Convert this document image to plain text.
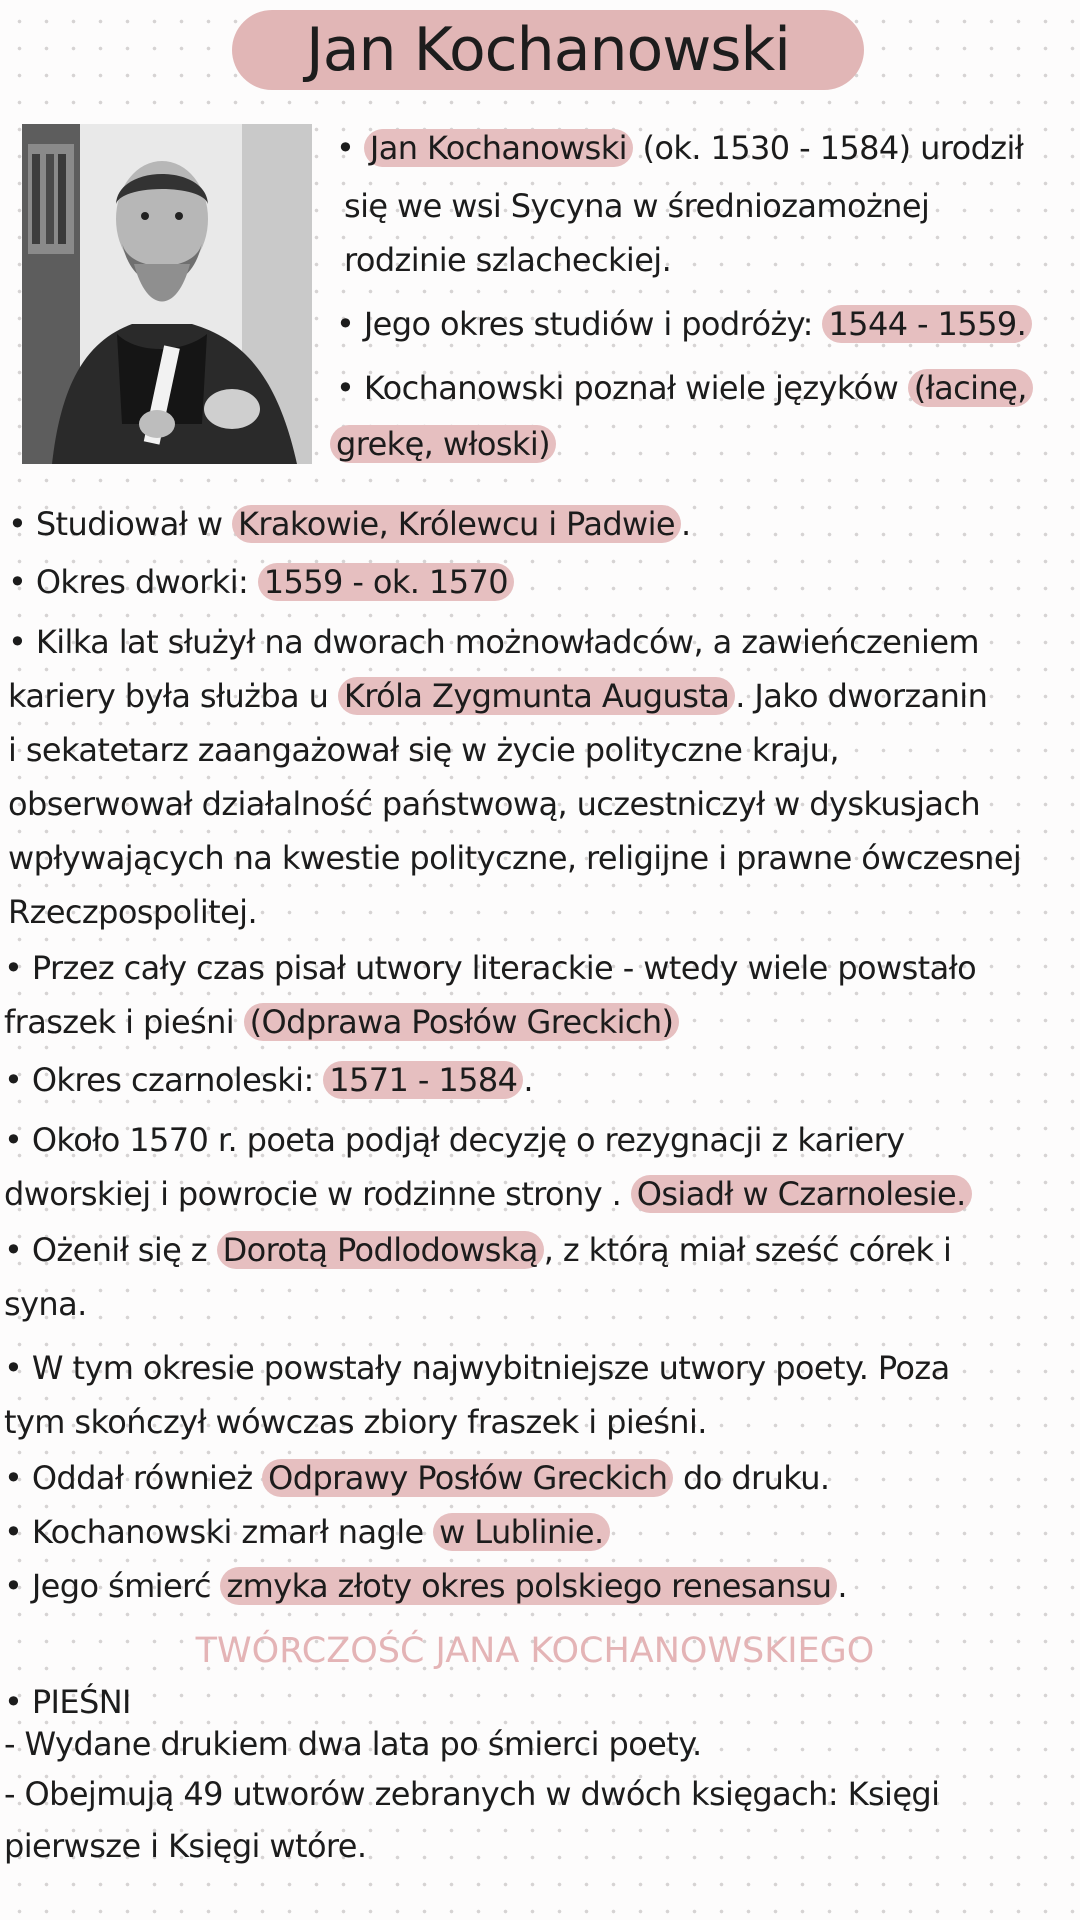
Jan Kochanowski

• Jan Kochanowski (ok. 1530 - 1584) urodził

się we wsi Sycyna w średniozamożnej

rodzinie szlacheckiej.

• Jego okres studiów i podróży: 1544 - 1559.

• Kochanowski poznał wiele języków (łacinę,

grekę, włoski)

• Studiował w Krakowie, Królewcu i Padwie .

• Okres dworki: 1559 - ok. 1570

• Kilka lat służył na dworach możnowładców, a zawieńczeniem

kariery była służba u Króla Zygmunta Augusta . Jako dworzanin

i sekatetarz zaangażował się w życie polityczne kraju,

obserwował działalność państwową, uczestniczył w dyskusjach

wpływających na kwestie polityczne, religijne i prawne ówczesnej

Rzeczpospolitej.

• Przez cały czas pisał utwory literackie - wtedy wiele powstało

fraszek i pieśni (Odprawa Posłów Greckich)

• Okres czarnoleski: 1571 - 1584 .

• Około 1570 r. poeta podjął decyzję o rezygnacji z kariery

dworskiej i powrocie w rodzinne strony . Osiadł w Czarnolesie.

• Ożenił się z Dorotą Podlodowską , z którą miał sześć córek i

syna.

• W tym okresie powstały najwybitniejsze utwory poety. Poza

tym skończył wówczas zbiory fraszek i pieśni.

• Oddał również Odprawy Posłów Greckich do druku.

• Kochanowski zmarł nagle w Lublinie.

• Jego śmierć zmyka złoty okres polskiego renesansu .

TWÓRCZOŚĆ JANA KOCHANOWSKIEGO

• PIEŚNI

- Wydane drukiem dwa lata po śmierci poety.

- Obejmują 49 utworów zebranych w dwóch księgach: Księgi

pierwsze i Księgi wtóre.
